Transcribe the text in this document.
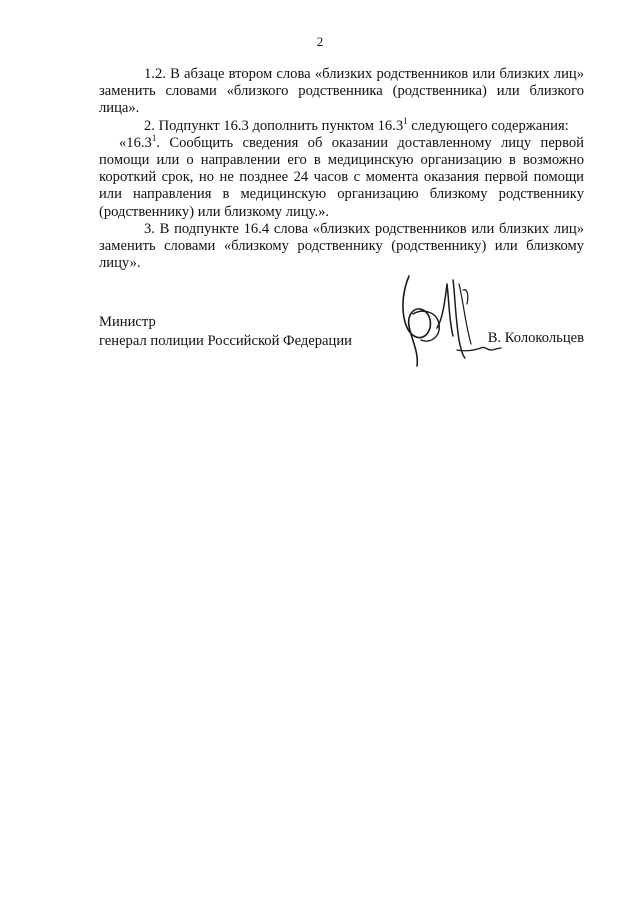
2

1.2. В абзаце втором слова «близких родственников или близких лиц» заменить словами «близкого родственника (родственника) или близкого лица».

2. Подпункт 16.3 дополнить пунктом 16.3$^1$ следующего содержания:

«16.3$^1$. Сообщить сведения об оказании доставленному лицу первой помощи или о направлении его в медицинскую организацию в возможно короткий срок, но не позднее 24 часов с момента оказания первой помощи или направления в медицинскую организацию близкому родственнику (родственнику) или близкому лицу.».

3. В подпункте 16.4 слова «близких родственников или близких лиц» заменить словами «близкому родственнику (родственнику) или близкому лицу».

Министр
генерал полиции Российской Федерации	В. Колокольцев
